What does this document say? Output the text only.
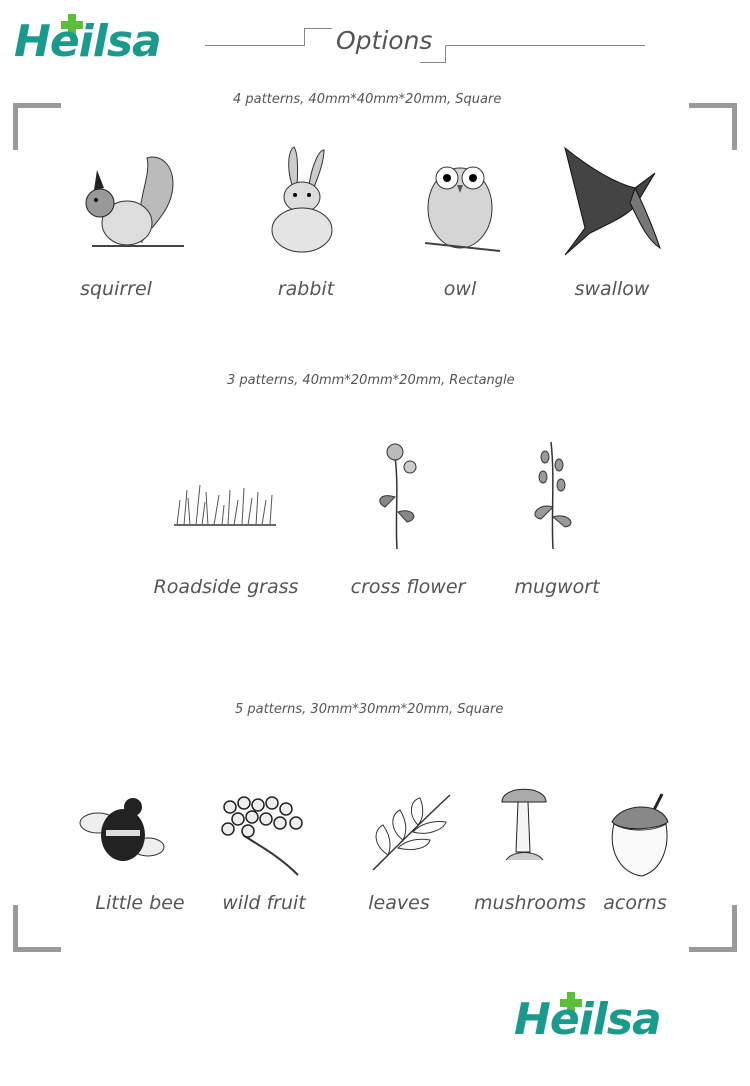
Heilsa	Options
4 patterns, 40mm*40mm*20mm, Square
squirrel	rabbit	owl	swallow
3 patterns, 40mm*20mm*20mm, Rectangle
Roadside grass	cross flower	mugwort
5 patterns, 30mm*30mm*20mm, Square
Little bee wild fruit	leaves mushrooms acorns
Heilsa
